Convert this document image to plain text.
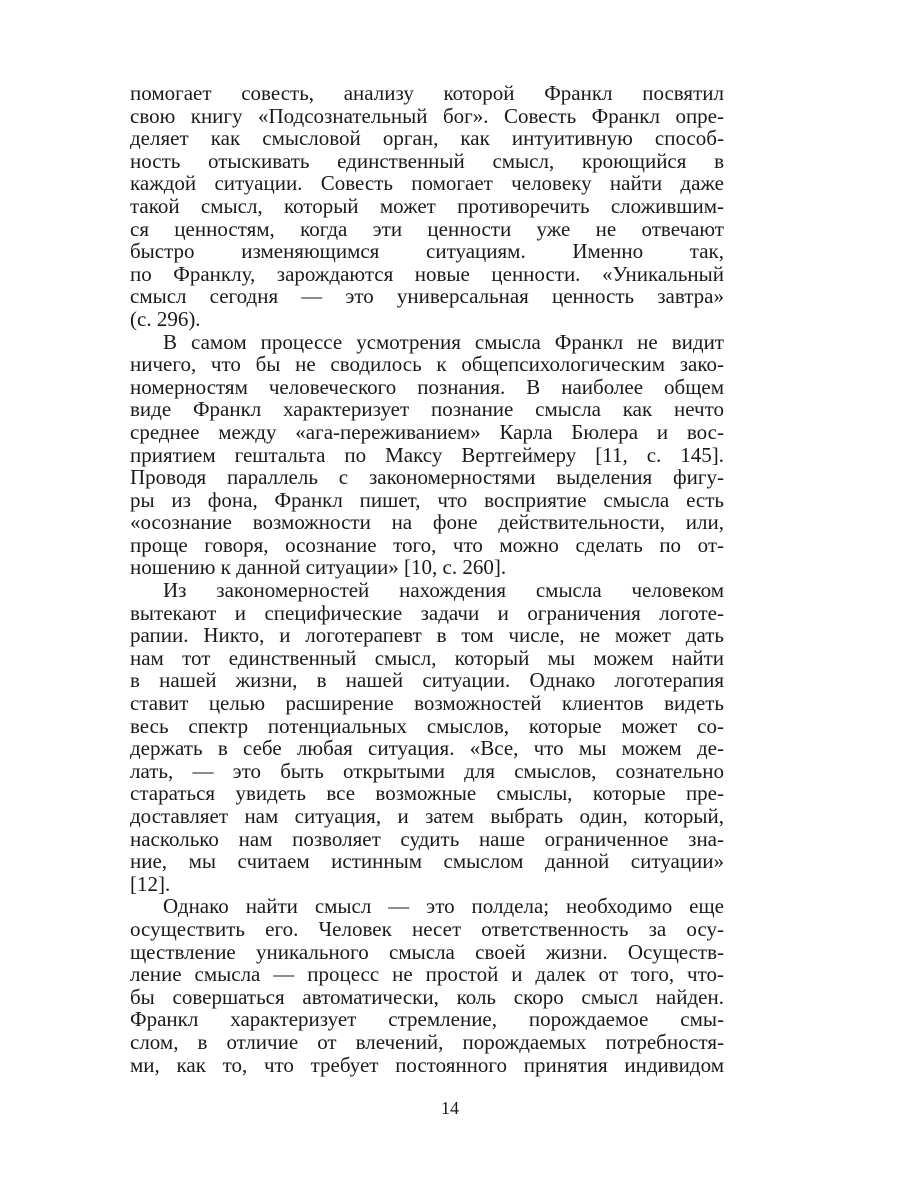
помогает совесть, анализу которой Франкл посвятил
свою книгу «Подсознательный бог». Совесть Франкл опре-
деляет как смысловой орган, как интуитивную способ-
ность отыскивать единственный смысл, кроющийся в
каждой ситуации. Совесть помогает человеку найти даже
такой смысл, который может противоречить сложившим-
ся ценностям, когда эти ценности уже не отвечают
быстро изменяющимся ситуациям. Именно так,
по Франклу, зарождаются новые ценности. «Уникальный
смысл сегодня — это универсальная ценность завтра»
(с. 296).
В самом процессе усмотрения смысла Франкл не видит
ничего, что бы не сводилось к общепсихологическим зако-
номерностям человеческого познания. В наиболее общем
виде Франкл характеризует познание смысла как нечто
среднее между «ага-переживанием» Карла Бюлера и вос-
приятием гештальта по Максу Вертгеймеру [11, с. 145].
Проводя параллель с закономерностями выделения фигу-
ры из фона, Франкл пишет, что восприятие смысла есть
«осознание возможности на фоне действительности, или,
проще говоря, осознание того, что можно сделать по от-
ношению к данной ситуации» [10, с. 260].
Из закономерностей нахождения смысла человеком
вытекают и специфические задачи и ограничения логоте-
рапии. Никто, и логотерапевт в том числе, не может дать
нам тот единственный смысл, который мы можем найти
в нашей жизни, в нашей ситуации. Однако логотерапия
ставит целью расширение возможностей клиентов видеть
весь спектр потенциальных смыслов, которые может со-
держать в себе любая ситуация. «Все, что мы можем де-
лать, — это быть открытыми для смыслов, сознательно
стараться увидеть все возможные смыслы, которые пре-
доставляет нам ситуация, и затем выбрать один, который,
насколько нам позволяет судить наше ограниченное зна-
ние, мы считаем истинным смыслом данной ситуации»
[12].
Однако найти смысл — это полдела; необходимо еще
осуществить его. Человек несет ответственность за осу-
ществление уникального смысла своей жизни. Осуществ-
ление смысла — процесс не простой и далек от того, что-
бы совершаться автоматически, коль скоро смысл найден.
Франкл характеризует стремление, порождаемое смы-
слом, в отличие от влечений, порождаемых потребностя-
ми, как то, что требует постоянного принятия индивидом
14
